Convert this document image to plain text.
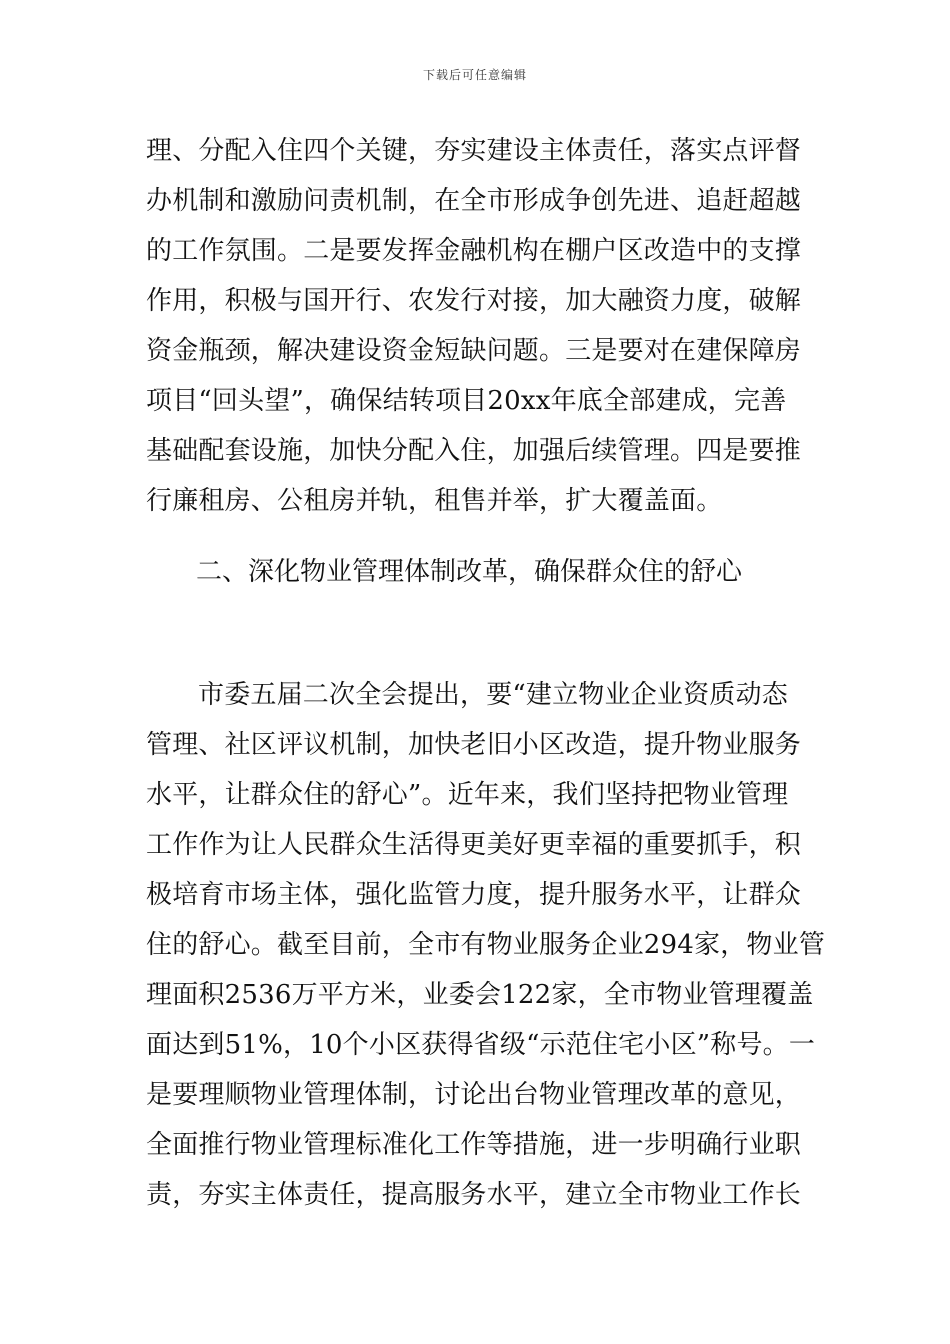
下载后可任意编辑
理、分配入住四个关键，夯实建设主体责任，落实点评督
办机制和激励问责机制，在全市形成争创先进、追赶超越
的工作氛围。二是要发挥金融机构在棚户区改造中的支撑
作用，积极与国开行、农发行对接，加大融资力度，破解
资金瓶颈，解决建设资金短缺问题。三是要对在建保障房
项目“回头望”，确保结转项目20xx年底全部建成，完善
基础配套设施，加快分配入住，加强后续管理。四是要推
行廉租房、公租房并轨，租售并举，扩大覆盖面。
二、深化物业管理体制改革，确保群众住的舒心
市委五届二次全会提出，要“建立物业企业资质动态
管理、社区评议机制，加快老旧小区改造，提升物业服务
水平，让群众住的舒心”。近年来，我们坚持把物业管理
工作作为让人民群众生活得更美好更幸福的重要抓手，积
极培育市场主体，强化监管力度，提升服务水平，让群众
住的舒心。截至目前，全市有物业服务企业294家，物业管
理面积2536万平方米，业委会122家，全市物业管理覆盖
面达到51%，10个小区获得省级“示范住宅小区”称号。一
是要理顺物业管理体制，讨论出台物业管理改革的意见，
全面推行物业管理标准化工作等措施，进一步明确行业职
责，夯实主体责任，提高服务水平，建立全市物业工作长
